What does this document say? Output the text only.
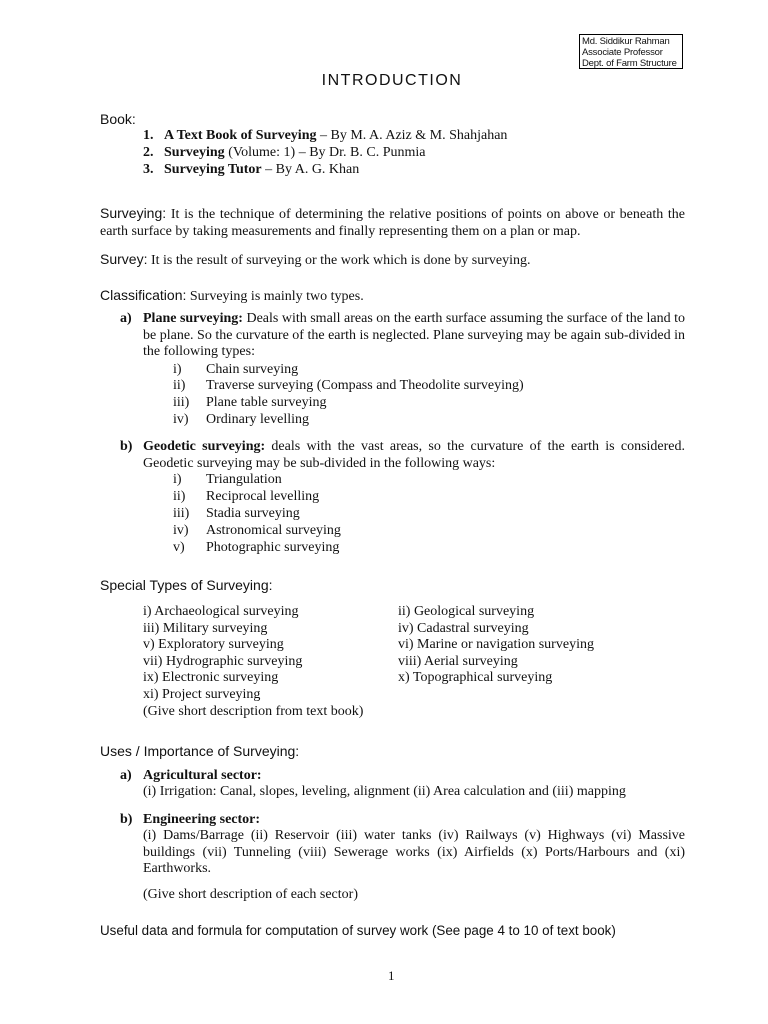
Md. Siddikur Rahman
Associate Professor
Dept. of Farm Structure
INTRODUCTION
Book:
1. A Text Book of Surveying – By M. A. Aziz & M. Shahjahan
2. Surveying (Volume: 1) – By Dr. B. C. Punmia
3. Surveying Tutor – By A. G. Khan
Surveying: It is the technique of determining the relative positions of points on above or beneath the earth surface by taking measurements and finally representing them on a plan or map.
Survey: It is the result of surveying or the work which is done by surveying.
Classification: Surveying is mainly two types.
a) Plane surveying: Deals with small areas on the earth surface assuming the surface of the land to be plane. So the curvature of the earth is neglected. Plane surveying may be again sub-divided in the following types:
i) Chain surveying
ii) Traverse surveying (Compass and Theodolite surveying)
iii) Plane table surveying
iv) Ordinary levelling
b) Geodetic surveying: deals with the vast areas, so the curvature of the earth is considered. Geodetic surveying may be sub-divided in the following ways:
i) Triangulation
ii) Reciprocal levelling
iii) Stadia surveying
iv) Astronomical surveying
v) Photographic surveying
Special Types of Surveying:
i) Archaeological surveying
iii) Military surveying
v) Exploratory surveying
vii) Hydrographic surveying
ix) Electronic surveying
xi) Project surveying
(Give short description from text book)
ii) Geological surveying
iv) Cadastral surveying
vi) Marine or navigation surveying
viii) Aerial surveying
x) Topographical surveying
Uses / Importance of Surveying:
a) Agricultural sector:
(i) Irrigation: Canal, slopes, leveling, alignment (ii) Area calculation and (iii) mapping
b) Engineering sector:
(i) Dams/Barrage (ii) Reservoir (iii) water tanks (iv) Railways (v) Highways (vi) Massive buildings (vii) Tunneling (viii) Sewerage works (ix) Airfields (x) Ports/Harbours and (xi) Earthworks.
(Give short description of each sector)
Useful data and formula for computation of survey work (See page 4 to 10 of text book)
1
